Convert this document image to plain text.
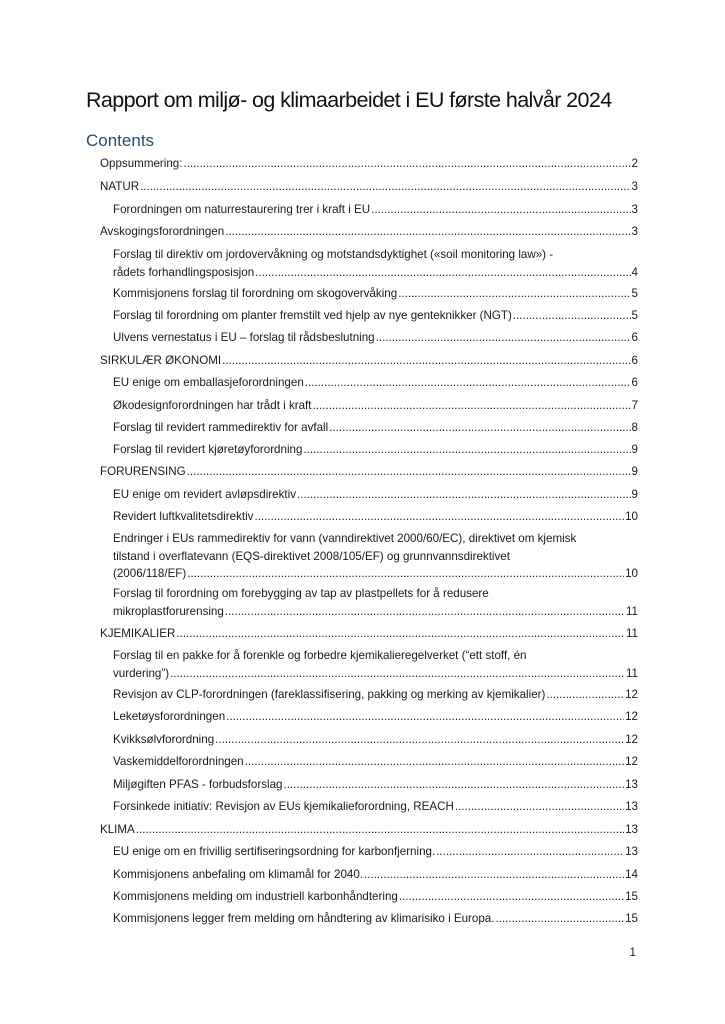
Rapport om miljø- og klimaarbeidet i EU første halvår 2024
Contents
Oppsummering: .....	2
NATUR .....	3
Forordningen om naturrestaurering trer i kraft i EU .....	3
Avskogingsforordningen .....	3
Forslag til direktiv om jordovervåkning og motstandsdyktighet («soil monitoring law») -
rådets forhandlingsposisjon .....	4
Kommisjonens forslag til forordning om skogovervåking .....	5
Forslag til forordning om planter fremstilt ved hjelp av nye genteknikker (NGT) .....	5
Ulvens vernestatus i EU – forslag til rådsbeslutning .....	6
SIRKULÆR ØKONOMI .....	6
EU enige om emballasjeforordningen .....	6
Økodesignforordningen har trådt i kraft .....	7
Forslag til revidert rammedirektiv for avfall .....	8
Forslag til revidert kjøretøyforordning .....	9
FORURENSING .....	9
EU enige om revidert avløpsdirektiv .....	9
Revidert luftkvalitetsdirektiv .....	10
Endringer i EUs rammedirektiv for vann (vanndirektivet 2000/60/EC), direktivet om kjemisk
tilstand i overflatevann (EQS-direktivet 2008/105/EF) og grunnvannsdirektivet
(2006/118/EF) .....	10
Forslag til forordning om forebygging av tap av plastpellets for å redusere
mikroplastforurensing .....	11
KJEMIKALIER .....	11
Forslag til en pakke for å forenkle og forbedre kjemikalieregelverket (“ett stoff, én
vurdering”) .....	11
Revisjon av CLP-forordningen (fareklassifisering, pakking og merking av kjemikalier) .....	12
Leketøysforordningen .....	12
Kvikksølvforordning .....	12
Vaskemiddelforordningen .....	12
Miljøgiften PFAS - forbudsforslag .....	13
Forsinkede initiativ: Revisjon av EUs kjemikalieforordning, REACH .....	13
KLIMA .....	13
EU enige om en frivillig sertifiseringsordning for karbonfjerning. .....	13
Kommisjonens anbefaling om klimamål for 2040. .....	14
Kommisjonens melding om industriell karbonhåndtering .....	15
Kommisjonens legger frem melding om håndtering av klimarisiko i Europa. .....	15
1
